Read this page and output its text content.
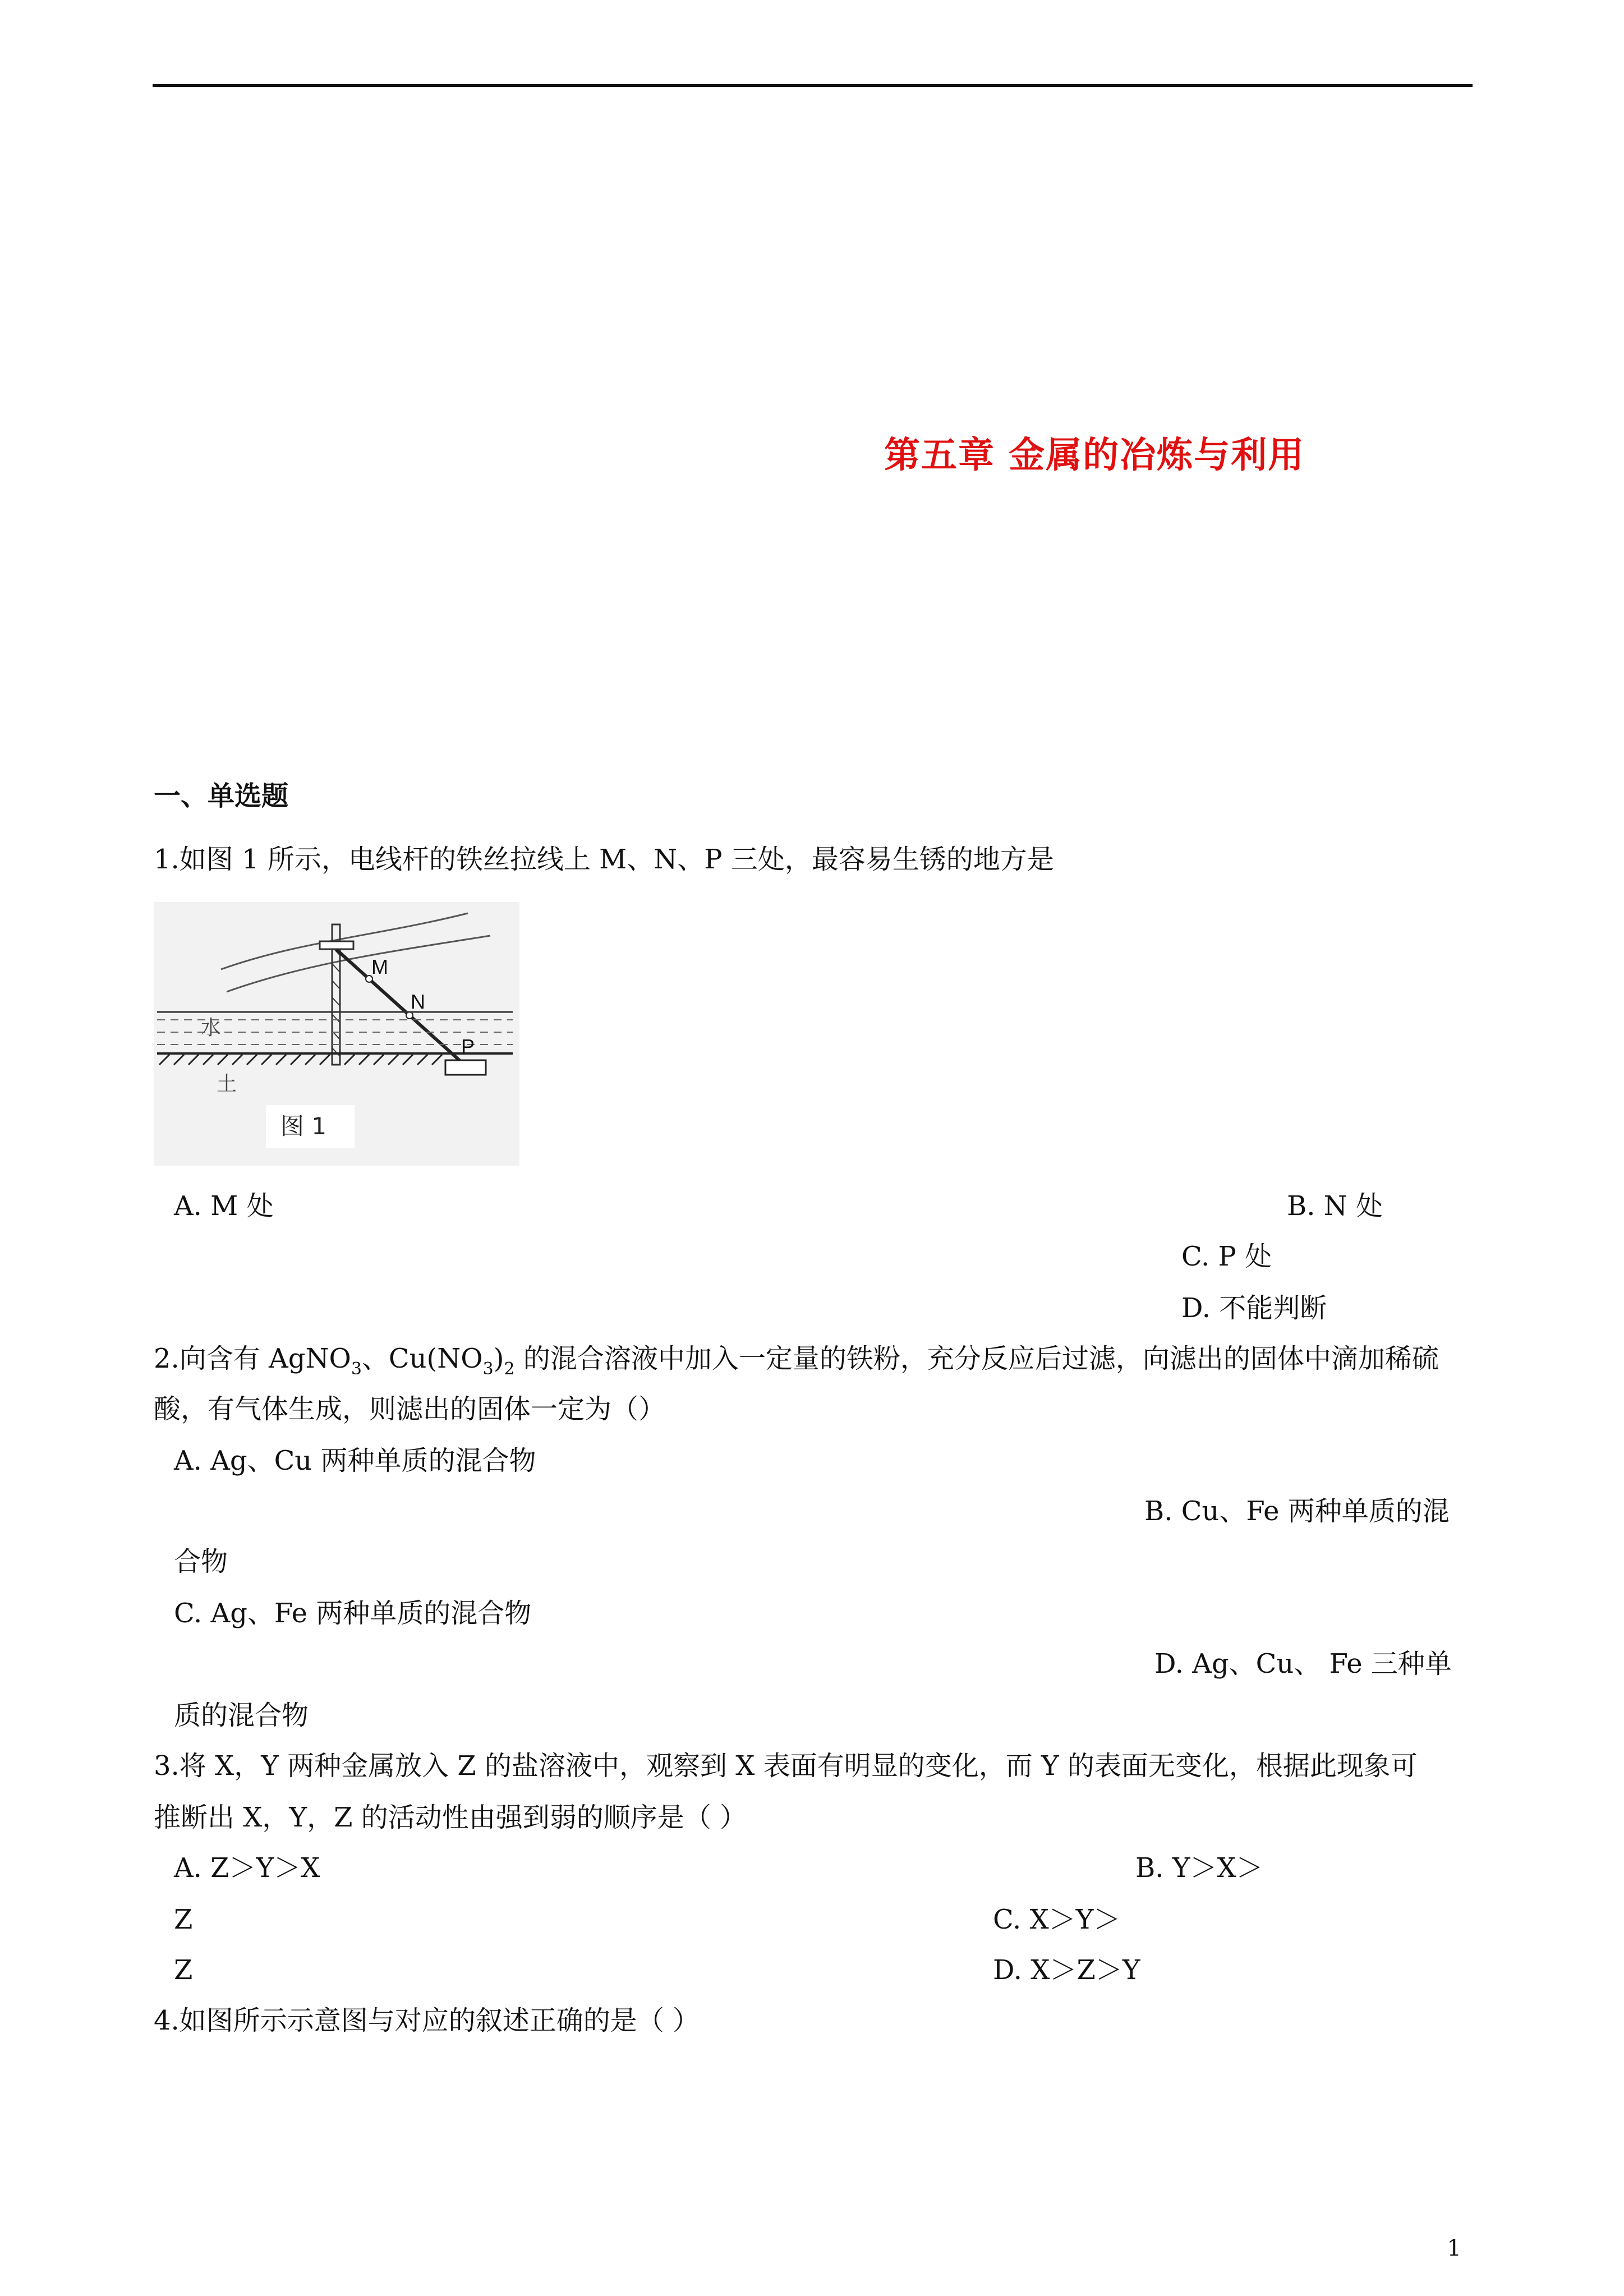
第五章 金属的冶炼与利用
一、单选题
1.如图 1 所示，电线杆的铁丝拉线上 M、N、P 三处，最容易生锈的地方是
M
N
P
水
土
图 1
A. M 处	B. N 处
C. P 处
D. 不能判断
2.向含有 AgNO$_3$、$Cu(NO_3)_2$ 的混合溶液中加入一定量的铁粉，充分反应后过滤，向滤出的固体中滴加稀硫
酸，有气体生成，则滤出的固体一定为（）
A. Ag、Cu 两种单质的混合物
B. Cu、Fe 两种单质的混
合物
C. Ag、Fe 两种单质的混合物
D. Ag、Cu、 Fe 三种单
质的混合物
3.将 X，Y 两种金属放入 Z 的盐溶液中，观察到 X 表面有明显的变化，而 Y 的表面无变化，根据此现象可
推断出 X，Y，Z 的活动性由强到弱的顺序是（ ）
A. Z＞Y＞X	B. Y＞X＞
Z	C. X＞Y＞
Z	D. X＞Z＞Y
4.如图所示示意图与对应的叙述正确的是（ ）
1
